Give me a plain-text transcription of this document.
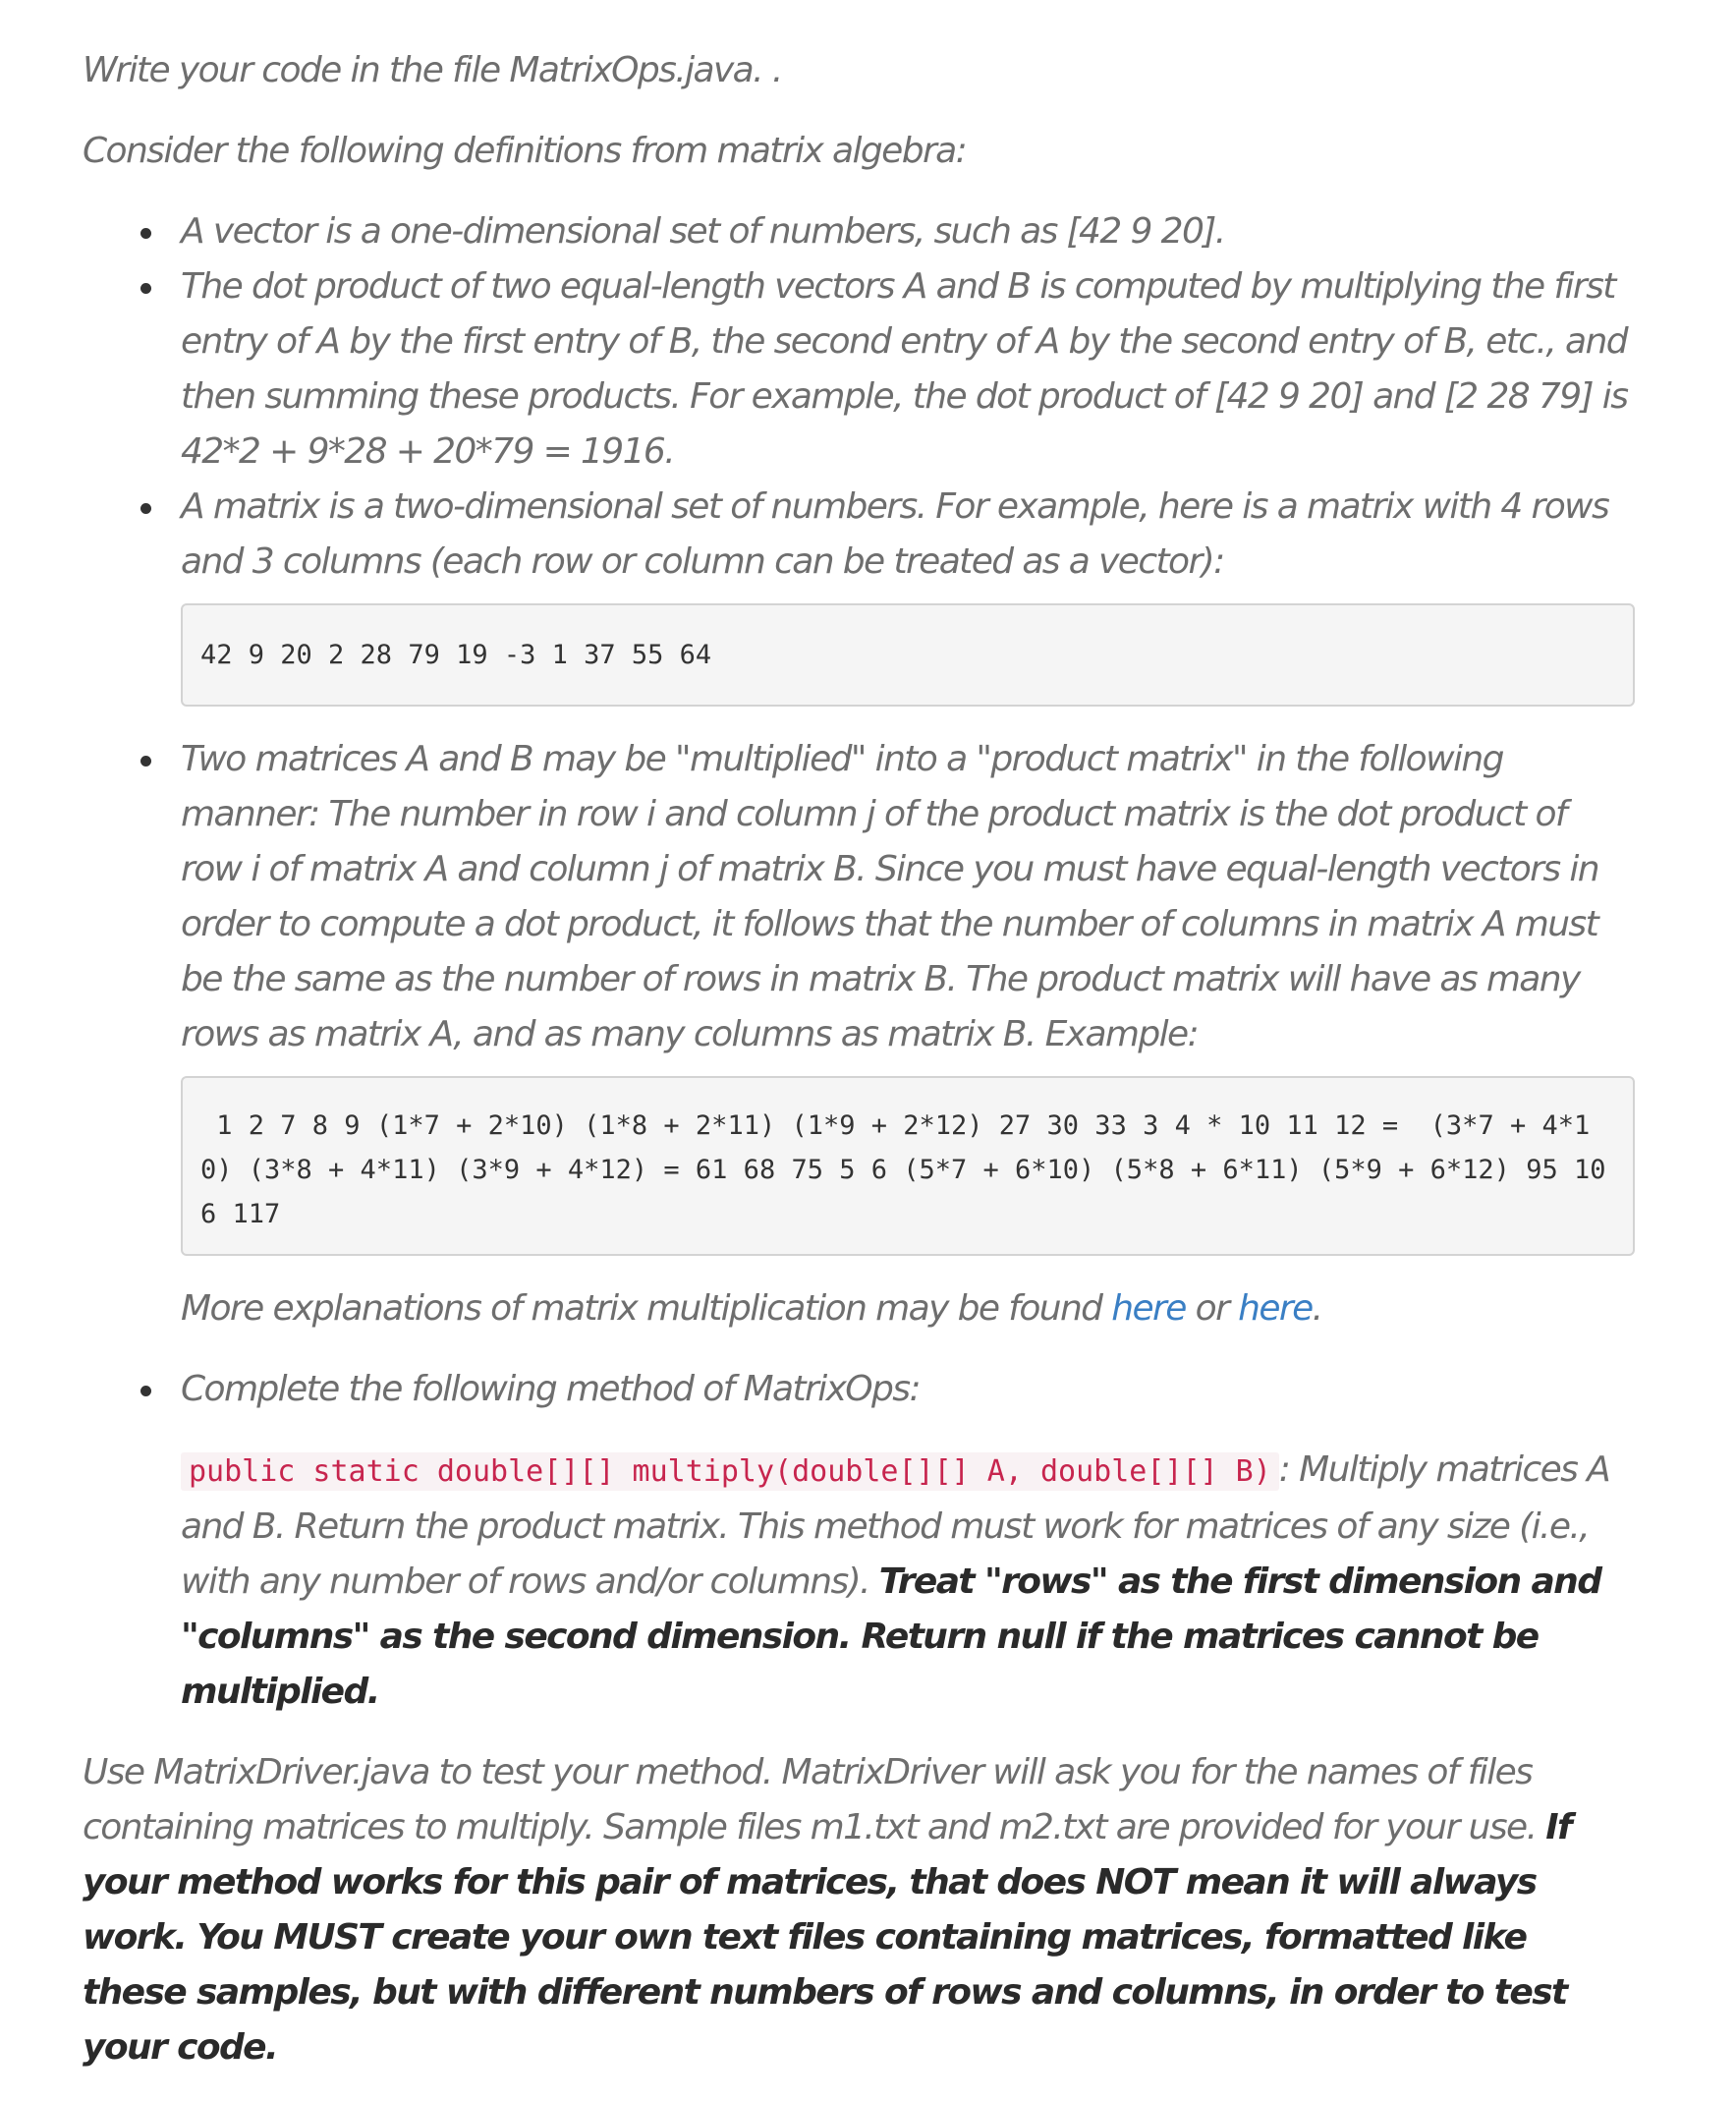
Write your code in the file MatrixOps.java. .

Consider the following definitions from matrix algebra:

A vector is a one-dimensional set of numbers, such as [42 9 20].
The dot product of two equal-length vectors A and B is computed by multiplying the first entry of A by the first entry of B, the second entry of A by the second entry of B, etc., and then summing these products. For example, the dot product of [42 9 20] and [2 28 79] is 42*2 + 9*28 + 20*79 = 1916.
A matrix is a two-dimensional set of numbers. For example, here is a matrix with 4 rows and 3 columns (each row or column can be treated as a vector):
42 9 20 2 28 79 19 -3 1 37 55 64
Two matrices A and B may be "multiplied" into a "product matrix" in the following manner: The number in row i and column j of the product matrix is the dot product of row i of matrix A and column j of matrix B. Since you must have equal-length vectors in order to compute a dot product, it follows that the number of columns in matrix A must be the same as the number of rows in matrix B. The product matrix will have as many rows as matrix A, and as many columns as matrix B. Example:
1 2 7 8 9 (1*7 + 2*10) (1*8 + 2*11) (1*9 + 2*12) 27 30 33 3 4 * 10 11 12 =  (3*7 + 4*10) (3*8 + 4*11) (3*9 + 4*12) = 61 68 75 5 6 (5*7 + 6*10) (5*8 + 6*11) (5*9 + 6*12) 95 106 117
More explanations of matrix multiplication may be found here or here.
Complete the following method of MatrixOps:
public static double[][] multiply(double[][] A, double[][] B) : Multiply matrices A and B. Return the product matrix. This method must work for matrices of any size (i.e., with any number of rows and/or columns). Treat "rows" as the first dimension and "columns" as the second dimension. Return null if the matrices cannot be multiplied.

Use MatrixDriver.java to test your method. MatrixDriver will ask you for the names of files containing matrices to multiply. Sample files m1.txt and m2.txt are provided for your use. If your method works for this pair of matrices, that does NOT mean it will always work. You MUST create your own text files containing matrices, formatted like these samples, but with different numbers of rows and columns, in order to test your code.
